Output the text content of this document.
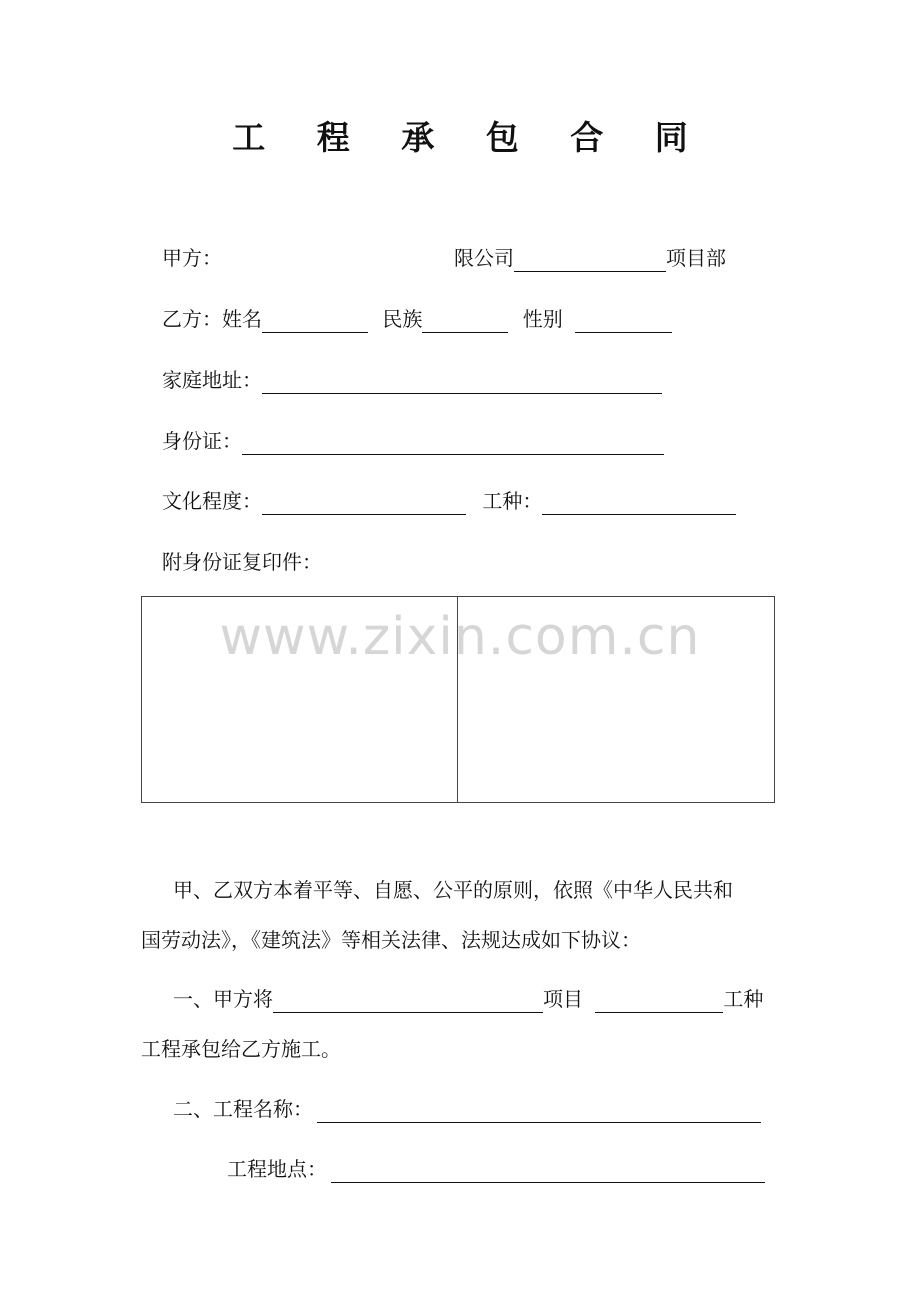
工 程 承 包 合 同
甲方：	限公司	项目部
乙方：姓名	民族	性别
家庭地址：
身份证：
文化程度：	工种：
附身份证复印件：
www.zixin.com.cn
甲、乙双方本着平等、自愿、公平的原则，依照《中华人民共和
国劳动法》，《建筑法》等相关法律、法规达成如下协议：
一、甲方将	项目	工种
工程承包给乙方施工。
二、工程名称：
工程地点：
